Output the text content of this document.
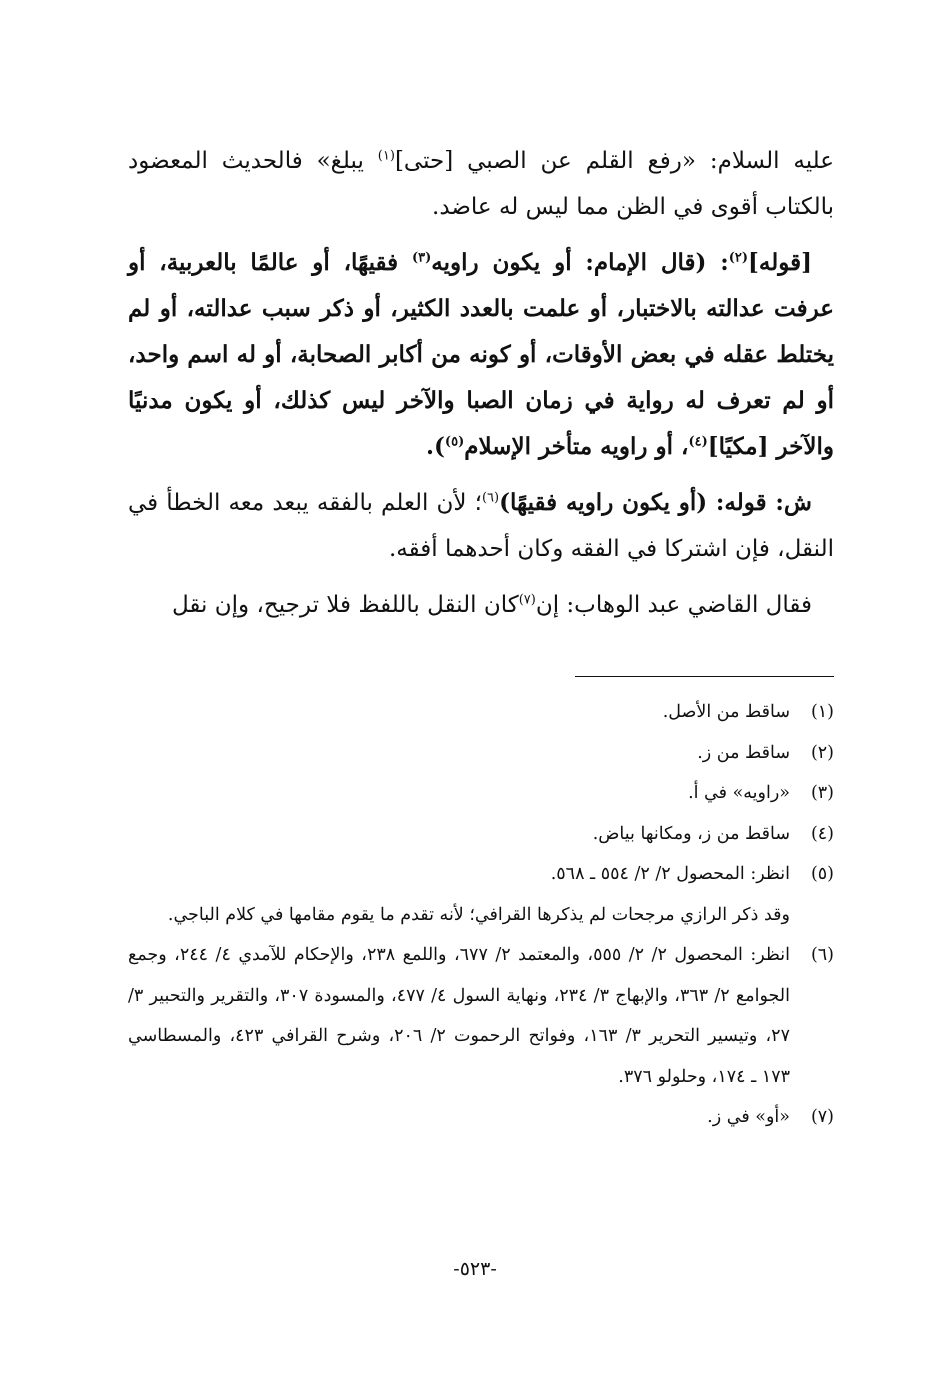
عليه السلام: «رفع القلم عن الصبي [حتى]$^{(١)}$ يبلغ» فالحديث المعضود بالكتاب أقوى في الظن مما ليس له عاضد.

[قوله]$^{(٢)}$: (قال الإمام: أو يكون راويه$^{(٣)}$ فقيهًا، أو عالمًا بالعربية، أو عرفت عدالته بالاختبار، أو علمت بالعدد الكثير، أو ذكر سبب عدالته، أو لم يختلط عقله في بعض الأوقات، أو كونه من أكابر الصحابة، أو له اسم واحد، أو لم تعرف له رواية في زمان الصبا والآخر ليس كذلك، أو يكون مدنيًا والآخر [مكيًا]$^{(٤)}$، أو راويه متأخر الإسلام$^{(٥)}$).

ش: قوله: (أو يكون راويه فقيهًا)$^{(٦)}$؛ لأن العلم بالفقه يبعد معه الخطأ في النقل، فإن اشتركا في الفقه وكان أحدهما أفقه.

فقال القاضي عبد الوهاب: إن$^{(٧)}$كان النقل باللفظ فلا ترجيح، وإن نقل

(١)
ساقط من الأصل.
(٢)
ساقط من ز.
(٣)
«راويه» في أ.
(٤)
ساقط من ز، ومكانها بياض.
(٥)
انظر: المحصول ٢/ ٢/ ٥٥٤ ـ ٥٦٨.
وقد ذكر الرازي مرجحات لم يذكرها القرافي؛ لأنه تقدم ما يقوم مقامها في كلام الباجي.
(٦)
انظر: المحصول ٢/ ٢/ ٥٥٥، والمعتمد ٢/ ٦٧٧، واللمع ٢٣٨، والإحكام للآمدي ٤/ ٢٤٤، وجمع الجوامع ٢/ ٣٦٣، والإبهاج ٣/ ٢٣٤، ونهاية السول ٤/ ٤٧٧، والمسودة ٣٠٧، والتقرير والتحبير ٣/ ٢٧، وتيسير التحرير ٣/ ١٦٣، وفواتح الرحموت ٢/ ٢٠٦، وشرح القرافي ٤٢٣، والمسطاسي ١٧٣ ـ ١٧٤، وحلولو ٣٧٦.
(٧)
«أو» في ز.
-٥٢٣-
